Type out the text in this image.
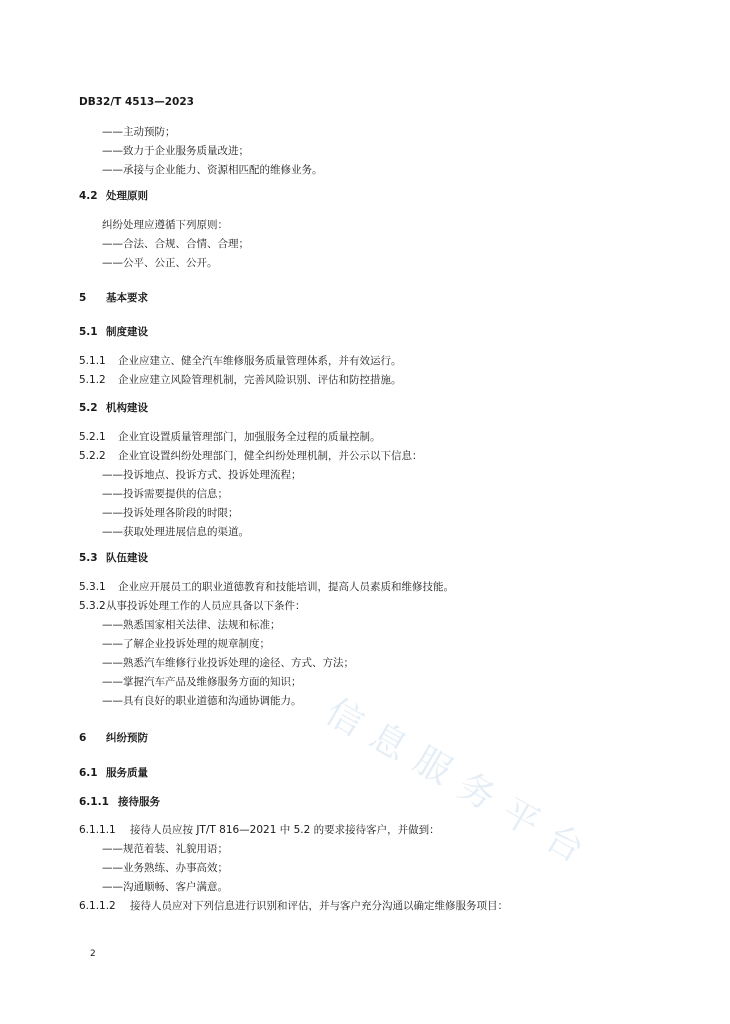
DB32/T 4513—2023
——主动预防；
——致力于企业服务质量改进；
——承接与企业能力、资源相匹配的维修业务。
4.2 处理原则
纠纷处理应遵循下列原则：
——合法、合规、合情、合理；
——公平、公正、公开。
5 基本要求
5.1 制度建设
5.1.1 企业应建立、健全汽车维修服务质量管理体系，并有效运行。
5.1.2 企业应建立风险管理机制，完善风险识别、评估和防控措施。
5.2 机构建设
5.2.1 企业宜设置质量管理部门，加强服务全过程的质量控制。
5.2.2 企业宜设置纠纷处理部门，健全纠纷处理机制，并公示以下信息：
——投诉地点、投诉方式、投诉处理流程；
——投诉需要提供的信息；
——投诉处理各阶段的时限；
——获取处理进展信息的渠道。
5.3 队伍建设
5.3.1 企业应开展员工的职业道德教育和技能培训，提高人员素质和维修技能。
5.3.2从事投诉处理工作的人员应具备以下条件：
——熟悉国家相关法律、法规和标准；
——了解企业投诉处理的规章制度；
——熟悉汽车维修行业投诉处理的途径、方式、方法；
——掌握汽车产品及维修服务方面的知识；
——具有良好的职业道德和沟通协调能力。
6 纠纷预防
6.1 服务质量
6.1.1 接待服务
6.1.1.1 接待人员应按 JT/T 816—2021 中 5.2 的要求接待客户，并做到：
——规范着装、礼貌用语；
——业务熟练、办事高效；
——沟通顺畅、客户满意。
6.1.1.2 接待人员应对下列信息进行识别和评估，并与客户充分沟通以确定维修服务项目：
2
信
息
服
务
平
台
